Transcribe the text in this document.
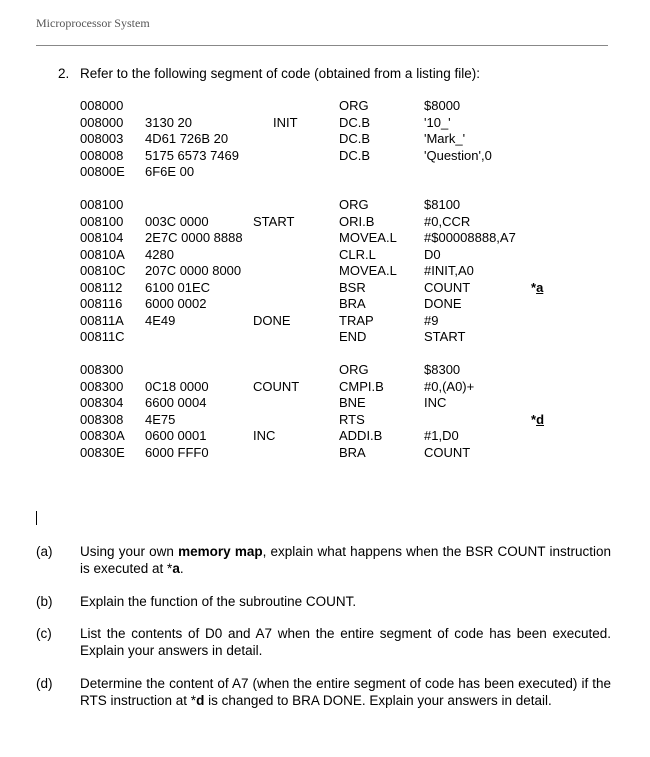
Microprocessor System
2. Refer to the following segment of code (obtained from a listing file):
008000	ORG	$8000
008000 3130 20	INIT	DC.B	'10_'
008003 4D61 726B 20	DC.B	'Mark_'
008008 5175 6573 7469	DC.B	'Question',0
00800E 6F6E 00
008100	ORG	$8100
008100 003C 0000	START	ORI.B	#0,CCR
008104 2E7C 0000 8888	MOVEA.L #$00008888,A7
00810A 4280	CLR.L	D0
00810C 207C 0000 8000	MOVEA.L #INIT,A0
008112 6100 01EC	BSR	COUNT	*a
008116 6000 0002	BRA	DONE
00811A 4E49	DONE	TRAP	#9
00811C	END	START
008300	ORG	$8300
008300 0C18 0000	COUNT	CMPI.B	#0,(A0)+
008304 6600 0004	BNE	INC
008308 4E75	RTS	*d
00830A 0600 0001	INC	ADDI.B	#1,D0
00830E 6000 FFF0	BRA	COUNT
(a) Using your own memory map, explain what happens when the BSR COUNT instruction is executed at *a.
(b) Explain the function of the subroutine COUNT.
(c) List the contents of D0 and A7 when the entire segment of code has been executed. Explain your answers in detail.
(d) Determine the content of A7 (when the entire segment of code has been executed) if the RTS instruction at *d is changed to BRA DONE. Explain your answers in detail.
